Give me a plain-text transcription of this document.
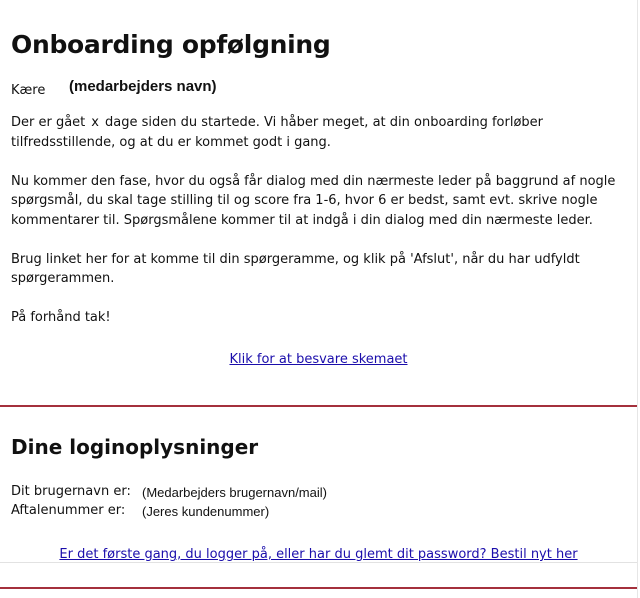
Onboarding opfølgning
Kære (medarbejders navn)

Der er gået x dage siden du startede. Vi håber meget, at din onboarding forløber tilfredsstillende, og at du er kommet godt i gang.

Nu kommer den fase, hvor du også får dialog med din nærmeste leder på baggrund af nogle spørgsmål, du skal tage stilling til og score fra 1-6, hvor 6 er bedst, samt evt. skrive nogle kommentarer til. Spørgsmålene kommer til at indgå i din dialog med din nærmeste leder.

Brug linket her for at komme til din spørgeramme, og klik på 'Afslut', når du har udfyldt spørgerammen.

På forhånd tak!

Klik for at besvare skemaet
Dine loginoplysninger
Dit brugernavn er: (Medarbejders brugernavn/mail)
Aftalenummer er: (Jeres kundenummer)
Er det første gang, du logger på, eller har du glemt dit password? Bestil nyt her
